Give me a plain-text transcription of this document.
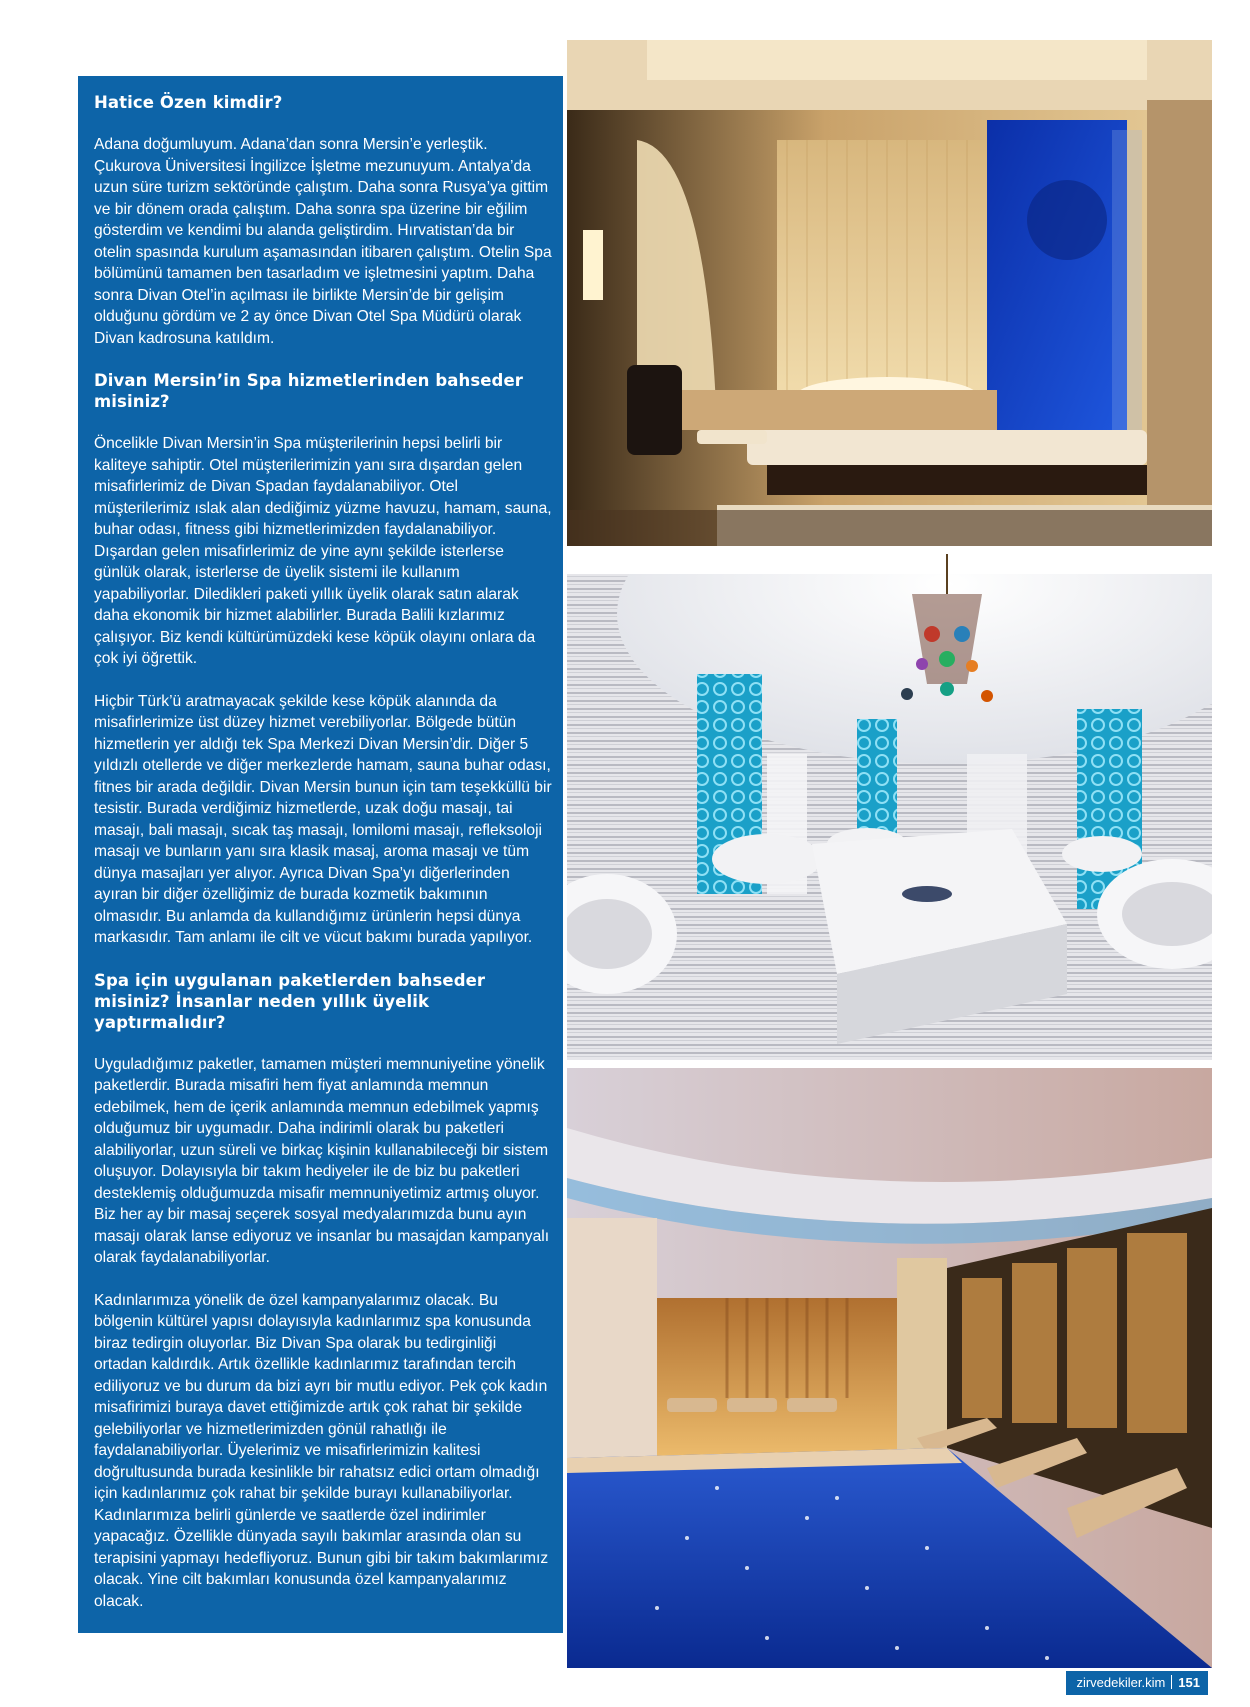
Hatice Özen kimdir?

Adana doğumluyum. Adana’dan sonra Mersin’e yerleştik. Çukurova Üniversitesi İngilizce İşletme mezunuyum. Antalya’da uzun süre turizm sektöründe çalıştım. Daha sonra Rusya’ya gittim ve bir dönem orada çalıştım. Daha sonra spa üzerine bir eğilim gösterdim ve kendimi bu alanda geliştirdim. Hırvatistan’da bir otelin spasında kurulum aşamasından itibaren çalıştım. Otelin Spa bölümünü tamamen ben tasarladım ve işletmesini yaptım. Daha sonra Divan Otel’in açılması ile birlikte Mersin’de bir gelişim olduğunu gördüm ve 2 ay önce Divan Otel Spa Müdürü olarak Divan kadrosuna katıldım.

Divan Mersin’in Spa hizmetlerinden bahseder misiniz?

Öncelikle Divan Mersin’in Spa müşterilerinin hepsi belirli bir kaliteye sahiptir. Otel müşterilerimizin yanı sıra dışardan gelen misafirlerimiz de Divan Spadan faydalanabiliyor. Otel müşterilerimiz ıslak alan dediğimiz yüzme havuzu, hamam, sauna, buhar odası, fitness gibi hizmetlerimizden faydalanabiliyor. Dışardan gelen misafirlerimiz de yine aynı şekilde isterlerse günlük olarak, isterlerse de üyelik sistemi ile kullanım yapabiliyorlar. Diledikleri paketi yıllık üyelik olarak satın alarak daha ekonomik bir hizmet alabilirler. Burada Balili kızlarımız çalışıyor. Biz kendi kültürümüzdeki kese köpük olayını onlara da çok iyi öğrettik.

Hiçbir Türk’ü aratmayacak şekilde kese köpük alanında da misafirlerimize üst düzey hizmet verebiliyorlar. Bölgede bütün hizmetlerin yer aldığı tek Spa Merkezi Divan Mersin’dir. Diğer 5 yıldızlı otellerde ve diğer merkezlerde hamam, sauna buhar odası, fitnes bir arada değildir. Divan Mersin bunun için tam teşekküllü bir tesistir. Burada verdiğimiz hizmetlerde, uzak doğu masajı, tai masajı, bali masajı, sıcak taş masajı, lomilomi masajı, refleksoloji masajı ve bunların yanı sıra klasik masaj, aroma masajı ve tüm dünya masajları yer alıyor. Ayrıca Divan Spa’yı diğerlerinden ayıran bir diğer özelliğimiz de burada kozmetik bakımının olmasıdır. Bu anlamda da kullandığımız ürünlerin hepsi dünya markasıdır. Tam anlamı ile cilt ve vücut bakımı burada yapılıyor.

Spa için uygulanan paketlerden bahseder misiniz? İnsanlar neden yıllık üyelik yaptırmalıdır?

Uyguladığımız paketler, tamamen müşteri memnuniyetine yönelik paketlerdir. Burada misafiri hem fiyat anlamında memnun edebilmek, hem de içerik anlamında memnun edebilmek yapmış olduğumuz bir uygumadır. Daha indirimli olarak bu paketleri alabiliyorlar, uzun süreli ve birkaç kişinin kullanabileceği bir sistem oluşuyor. Dolayısıyla bir takım hediyeler ile de biz bu paketleri desteklemiş olduğumuzda misafir memnuniyetimiz artmış oluyor. Biz her ay bir masaj seçerek sosyal medyalarımızda bunu ayın masajı olarak lanse ediyoruz ve insanlar bu masajdan kampanyalı olarak faydalanabiliyorlar.

Kadınlarımıza yönelik de özel kampanyalarımız olacak. Bu bölgenin kültürel yapısı dolayısıyla kadınlarımız spa konusunda biraz tedirgin oluyorlar. Biz Divan Spa olarak bu tedirginliği ortadan kaldırdık. Artık özellikle kadınlarımız tarafından tercih ediliyoruz ve bu durum da bizi ayrı bir mutlu ediyor. Pek çok kadın misafirimizi buraya davet ettiğimizde artık çok rahat bir şekilde gelebiliyorlar ve hizmetlerimizden gönül rahatlığı ile faydalanabiliyorlar. Üyelerimiz ve misafirlerimizin kalitesi doğrultusunda burada kesinlikle bir rahatsız edici ortam olmadığı için kadınlarımız çok rahat bir şekilde burayı kullanabiliyorlar. Kadınlarımıza belirli günlerde ve saatlerde özel indirimler yapacağız. Özellikle dünyada sayılı bakımlar arasında olan su terapisini yapmayı hedefliyoruz. Bunun gibi bir takım bakımlarımız olacak. Yine cilt bakımları konusunda özel kampanyalarımız olacak.

zirvedekiler.kim 151
